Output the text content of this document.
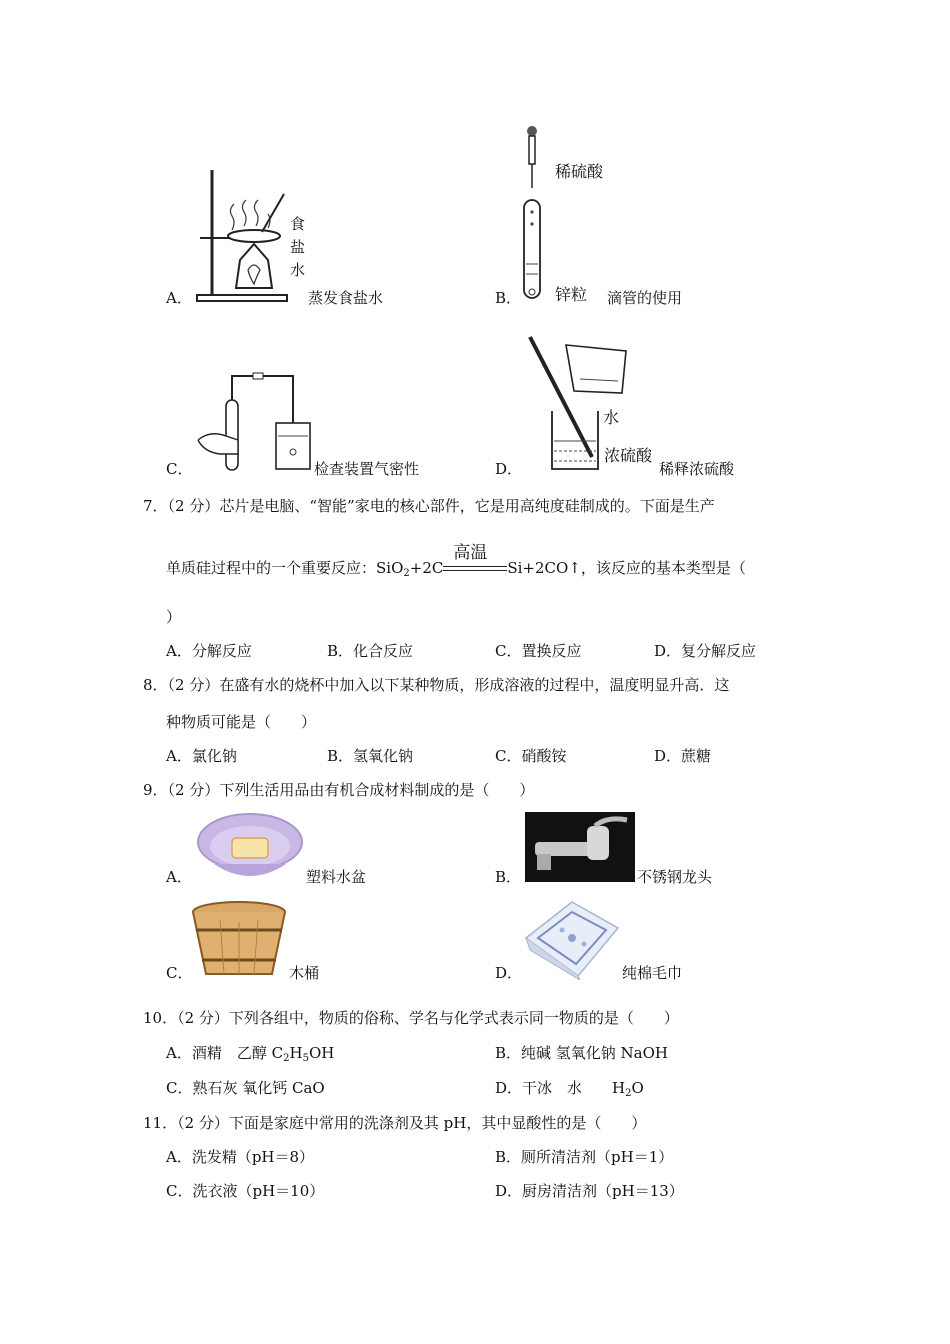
A．
食
盐
水
蒸发食盐水	B．
稀硫酸
锌粒 滴管的使用
C．	检查装置气密性	D．
水
浓硫酸
稀释浓硫酸
7．（2 分）芯片是电脑、“智能”家电的核心部件，它是用高纯度硅制成的。下面是生产
单质硅过程中的一个重要反应：SiO$_2$+2C
高温
Si+2CO↑，该反应的基本类型是（
）
A．分解反应	B．化合反应	C．置换反应	D．复分解反应
8．（2 分）在盛有水的烧杯中加入以下某种物质，形成溶液的过程中，温度明显升高．这
种物质可能是（　　）
A．氯化钠	B．氢氧化钠	C．硝酸铵	D．蔗糖
9．（2 分）下列生活用品由有机合成材料制成的是（　　）
A．	塑料水盆	B．	不锈钢龙头
C．	木桶	D．	纯棉毛巾
10．（2 分）下列各组中，物质的俗称、学名与化学式表示同一物质的是（　　）
A．酒精　乙醇 $C_2H_5OH$	B．纯碱 氢氧化钠 NaOH
C．熟石灰 氧化钙 CaO	D．干冰　水　　$H_2O$
11．（2 分）下面是家庭中常用的洗涤剂及其 pH，其中显酸性的是（　　）
A．洗发精（pH＝8）	B．厕所清洁剂（pH＝1）
C．洗衣液（pH＝10）	D．厨房清洁剂（pH＝13）
